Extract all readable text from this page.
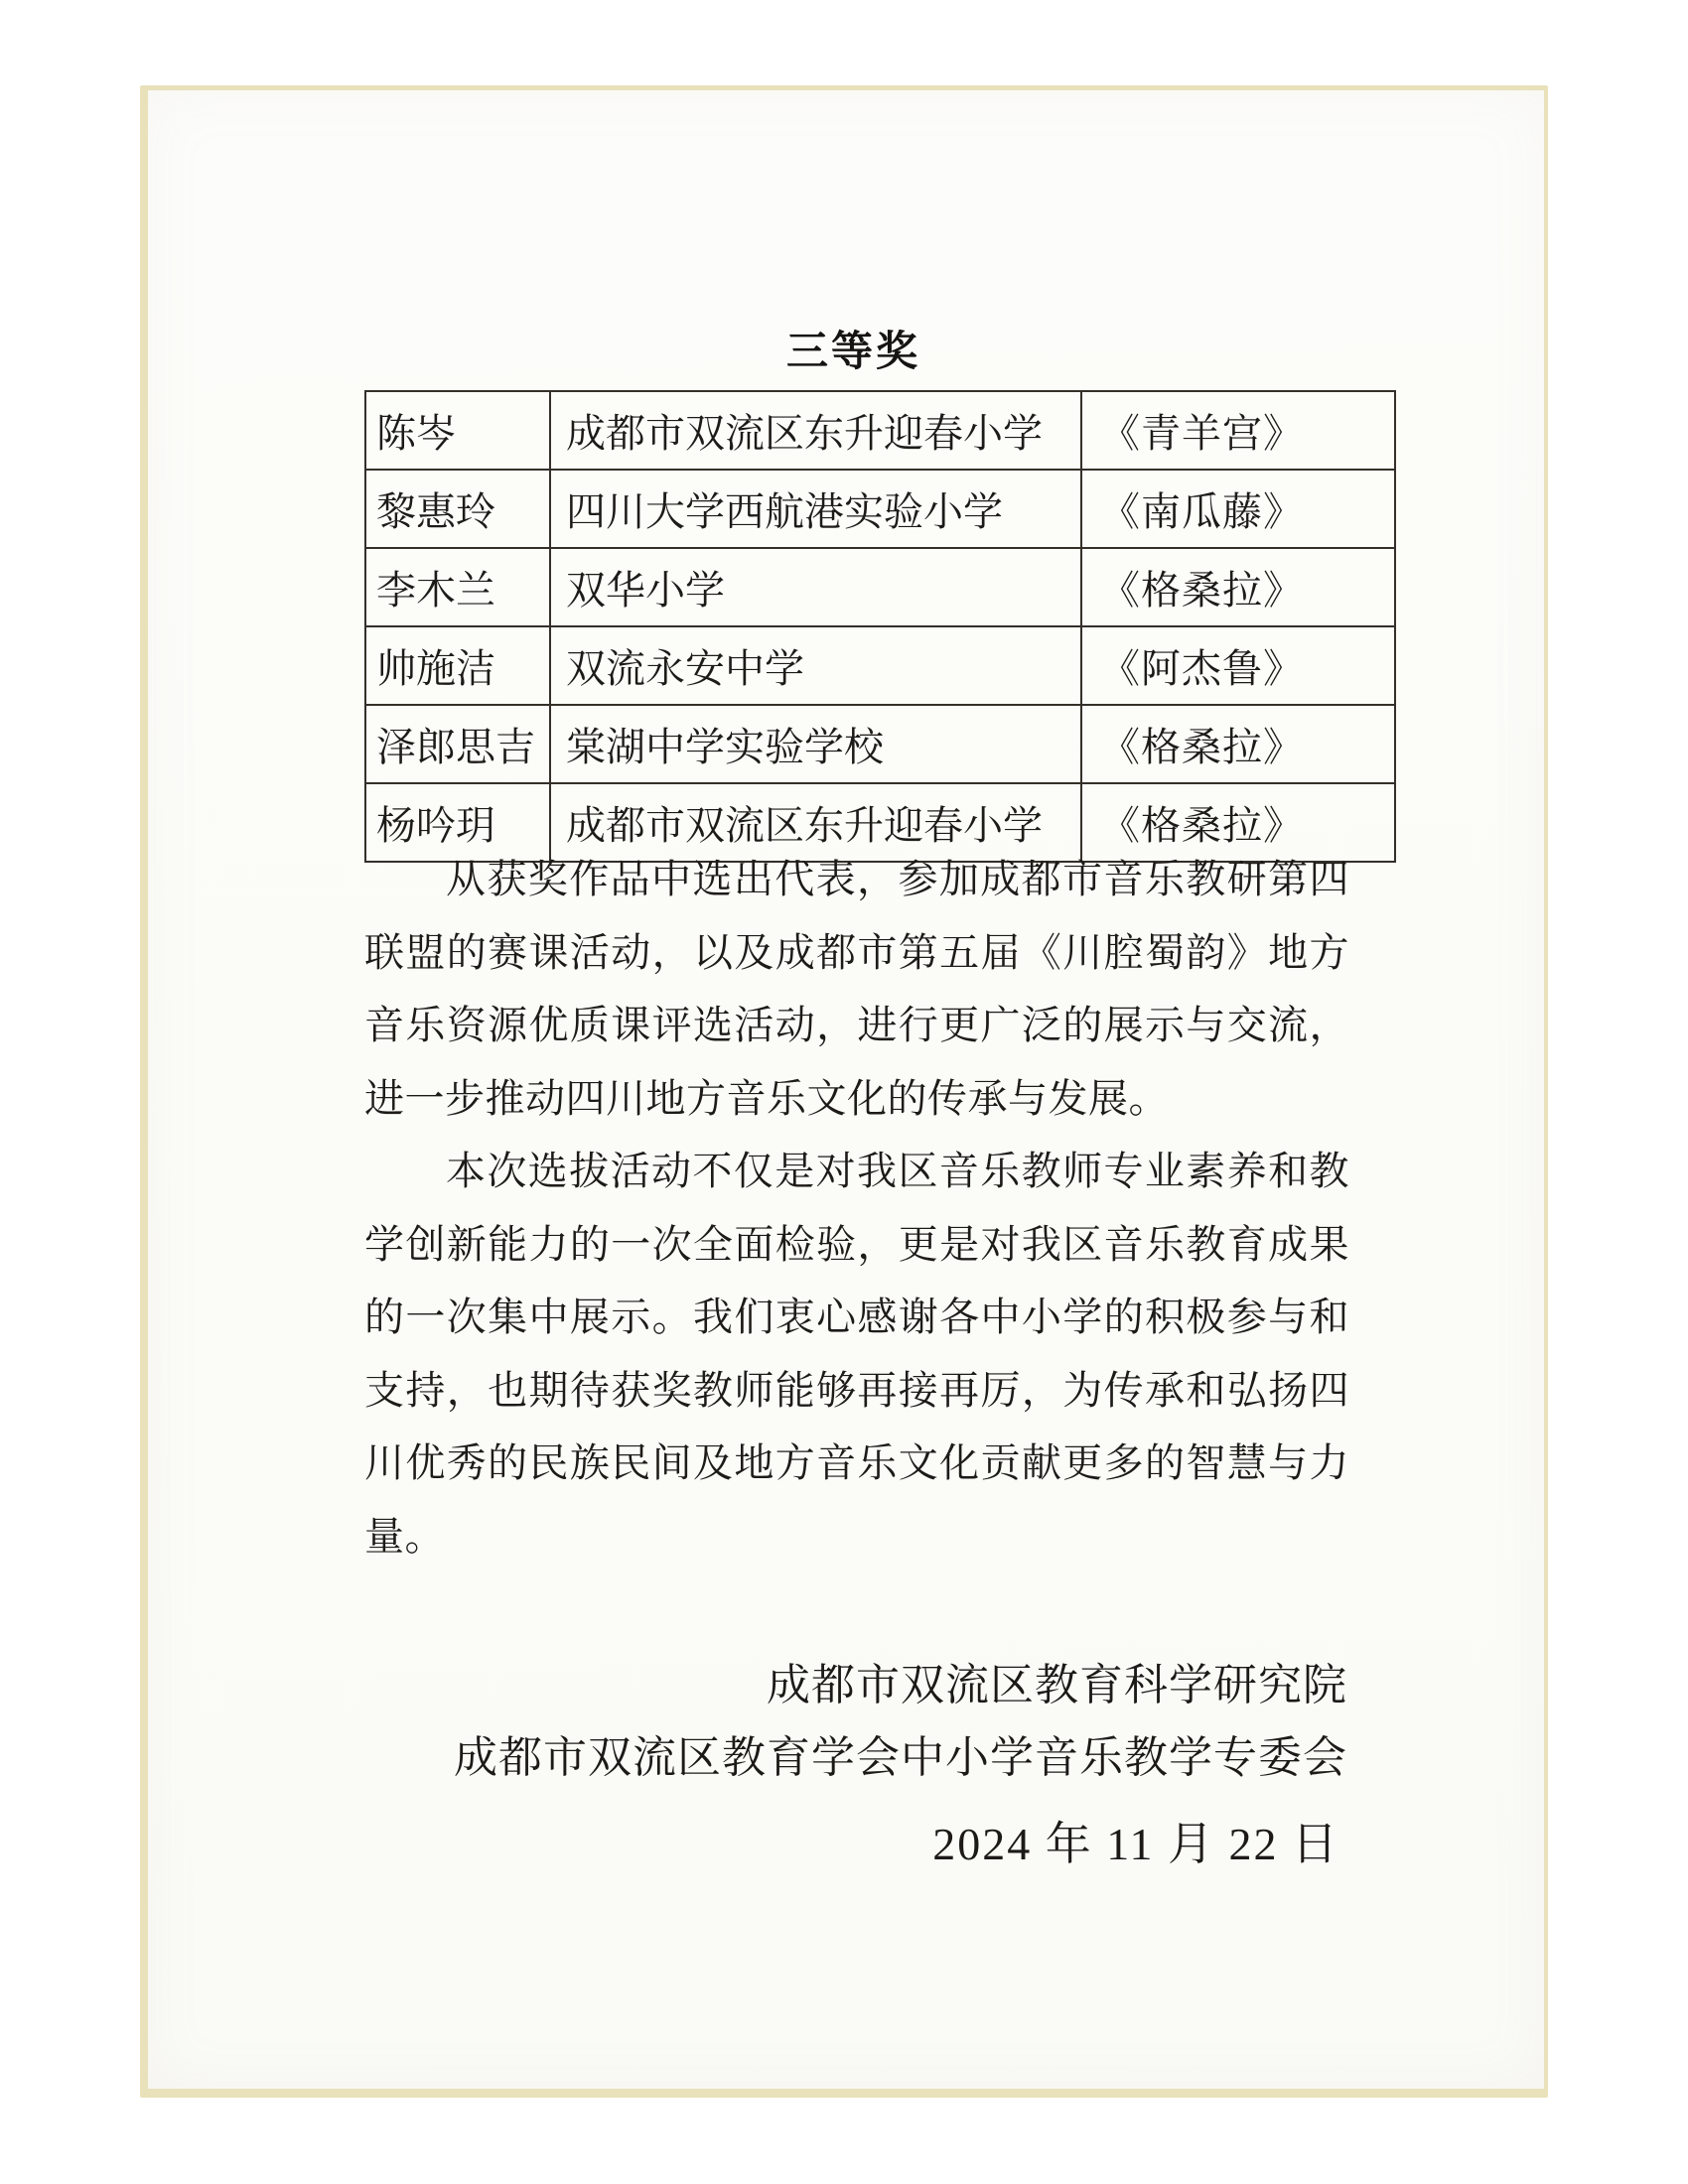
三等奖
陈岑	成都市双流区东升迎春小学	《青羊宫》
黎惠玲	四川大学西航港实验小学	《南瓜藤》
李木兰	双华小学	《格桑拉》
帅施洁	双流永安中学	《阿杰鲁》
泽郎思吉	棠湖中学实验学校	《格桑拉》
杨吟玥	成都市双流区东升迎春小学	《格桑拉》

从获奖作品中选出代表，参加成都市音乐教研第四联盟的赛课活动，以及成都市第五届《川腔蜀韵》地方音乐资源优质课评选活动，进行更广泛的展示与交流，进一步推动四川地方音乐文化的传承与发展。

本次选拔活动不仅是对我区音乐教师专业素养和教学创新能力的一次全面检验，更是对我区音乐教育成果的一次集中展示。我们衷心感谢各中小学的积极参与和支持，也期待获奖教师能够再接再厉，为传承和弘扬四川优秀的民族民间及地方音乐文化贡献更多的智慧与力量。

成都市双流区教育科学研究院
成都市双流区教育学会中小学音乐教学专委会
2024 年 11 月 22 日
